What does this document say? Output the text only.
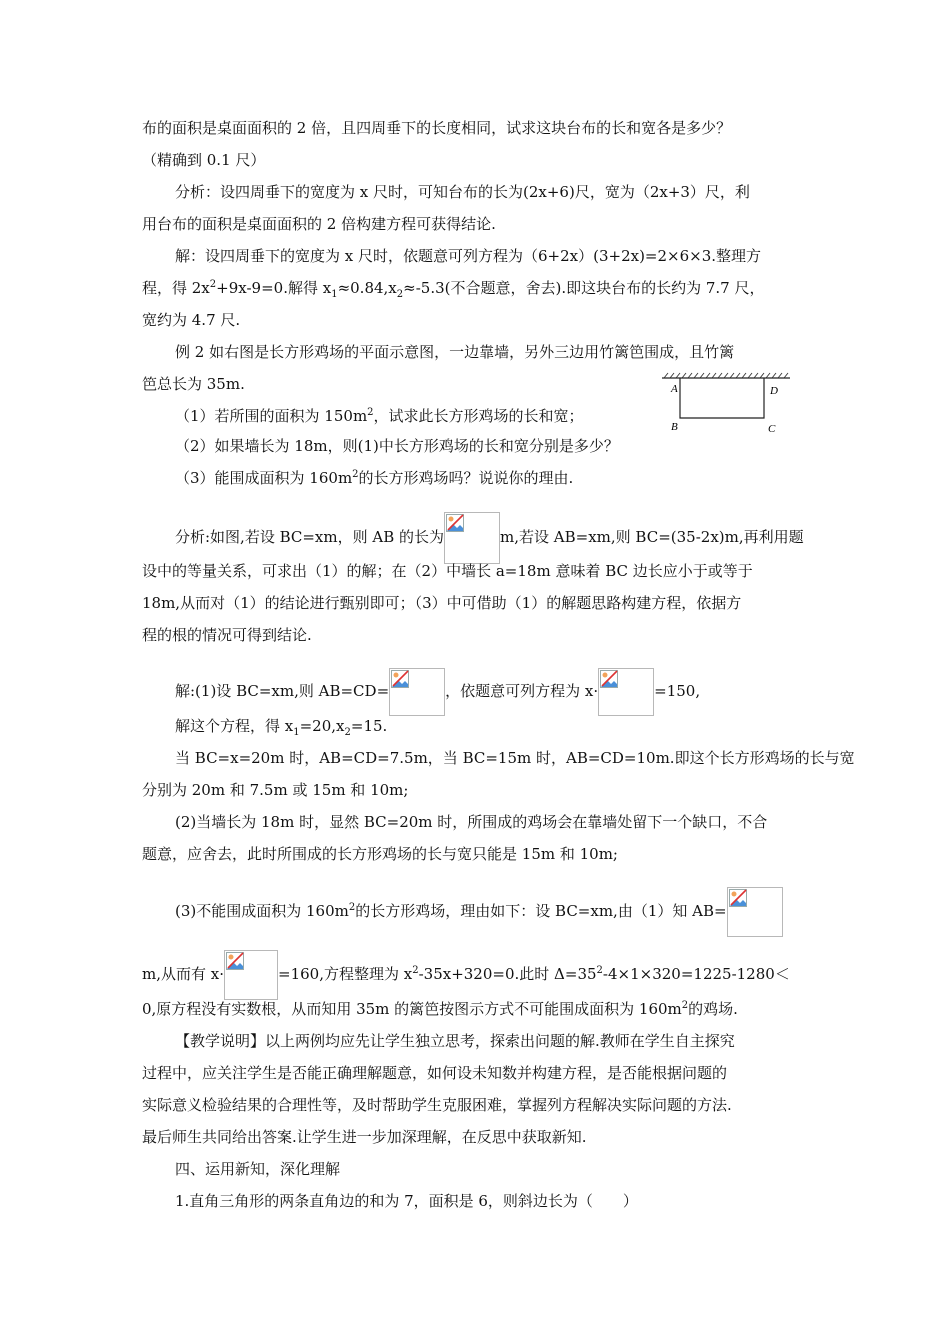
布的面积是桌面面积的 2 倍，且四周垂下的长度相同，试求这块台布的长和宽各是多少？
（精确到 0.1 尺）
分析：设四周垂下的宽度为 x 尺时，可知台布的长为(2x+6)尺，宽为（2x+3）尺，利
用台布的面积是桌面面积的 2 倍构建方程可获得结论.
解：设四周垂下的宽度为 x 尺时，依题意可列方程为（6+2x）(3+2x)=2×6×3.整理方
程，得 $2x^2+9x-9=0$.解得 $x_1\approx 0.84,x_2\approx-5.3$(不合题意，舍去).即这块台布的长约为 7.7 尺，
宽约为 4.7 尺.
例 2 如右图是长方形鸡场的平面示意图，一边靠墙，另外三边用竹篱笆围成，且竹篱
笆总长为 35m.
（1）若所围的面积为 $150m^2$，试求此长方形鸡场的长和宽；
（2）如果墙长为 18m，则(1)中长方形鸡场的长和宽分别是多少？
（3）能围成面积为 $160m^2$的长方形鸡场吗？说说你的理由.
A	D
B	C
分析:如图,若设 BC=xm，则 AB 的长为	m,若设 AB=xm,则 BC=(35-2x)m,再利用题
设中的等量关系，可求出（1）的解；在（2）中墙长 a=18m 意味着 BC 边长应小于或等于
18m,从而对（1）的结论进行甄别即可；（3）中可借助（1）的解题思路构建方程，依据方
程的根的情况可得到结论.
解:(1)设 BC=xm,则 AB=CD=	，依题意可列方程为 x·	=150,
解这个方程，得 $x_1=20,x_2=15$.
当 BC=x=20m 时，AB=CD=7.5m，当 BC=15m 时，AB=CD=10m.即这个长方形鸡场的长与宽
分别为 20m 和 7.5m 或 15m 和 10m;
(2)当墙长为 18m 时，显然 BC=20m 时，所围成的鸡场会在靠墙处留下一个缺口，不合
题意，应舍去，此时所围成的长方形鸡场的长与宽只能是 15m 和 10m;
(3)不能围成面积为 $160m^2$的长方形鸡场，理由如下：设 BC=xm,由（1）知 AB=
m,从而有 x·	=160,方程整理为 $x^2-35x+320=0$.此时 $\Delta=35^2-4\times 1\times 320=1225-1280<$
0,原方程没有实数根，从而知用 35m 的篱笆按图示方式不可能围成面积为 $160m^2$的鸡场.
【教学说明】以上两例均应先让学生独立思考，探索出问题的解.教师在学生自主探究
过程中，应关注学生是否能正确理解题意，如何设未知数并构建方程，是否能根据问题的
实际意义检验结果的合理性等，及时帮助学生克服困难，掌握列方程解决实际问题的方法.
最后师生共同给出答案.让学生进一步加深理解，在反思中获取新知.
四、运用新知，深化理解
1.直角三角形的两条直角边的和为 7，面积是 6，则斜边长为（　　）
